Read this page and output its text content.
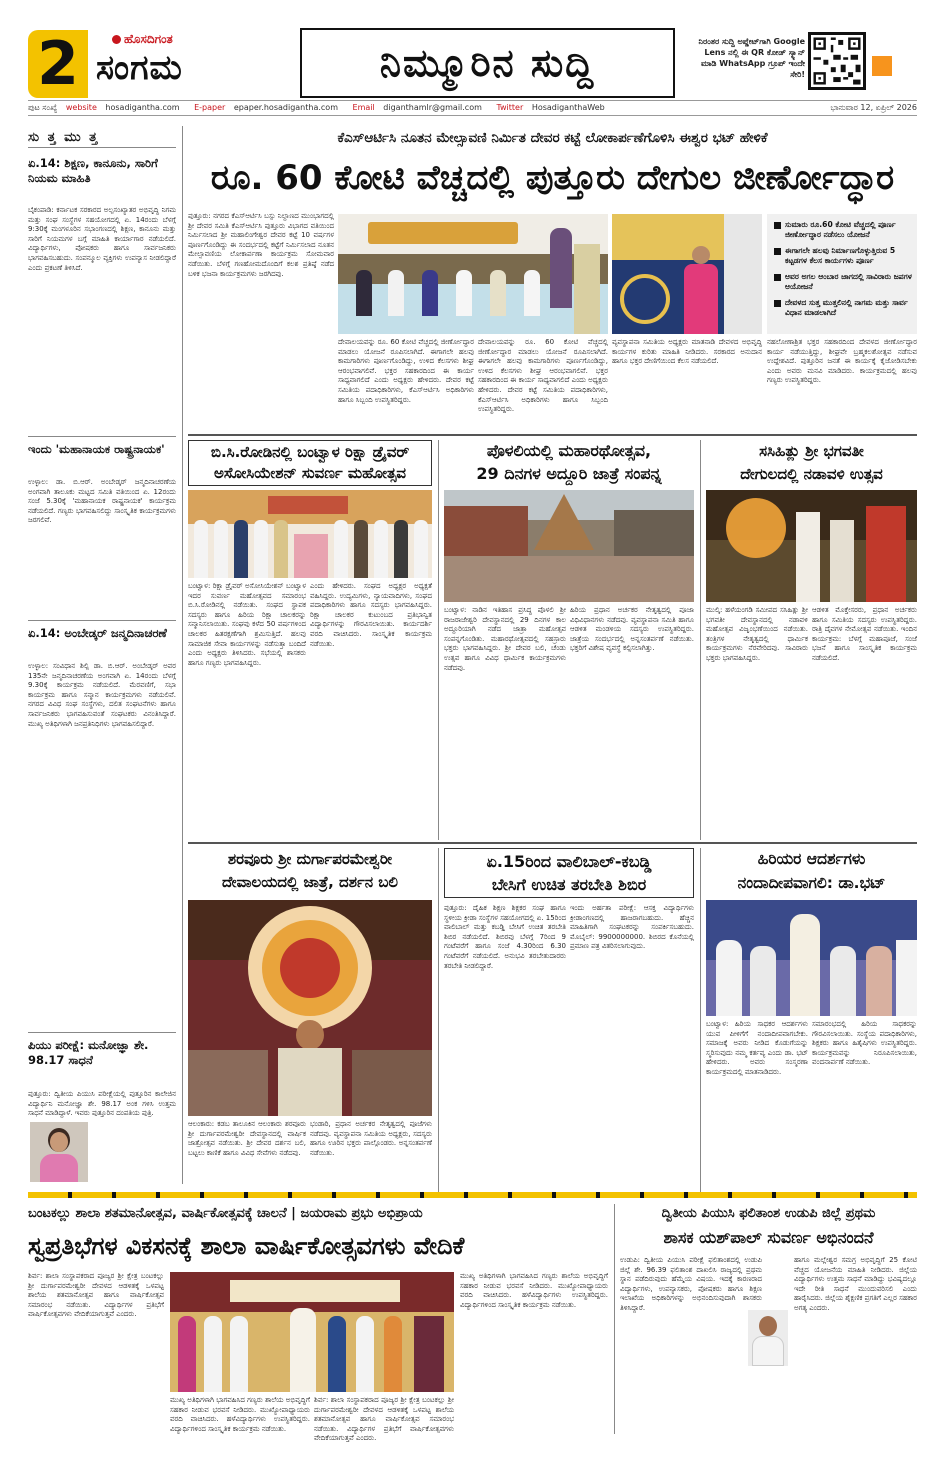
2	ಹೊಸದಿಗಂತ
ಸಂಗಮ	ನಿಮ್ಮೂರಿನ ಸುದ್ದಿ	ನಿರಂತರ ಸುದ್ದಿ ಅಪ್ಡೇಟ್‌ಗಾಗಿ Google Lens ನಲ್ಲಿ ಈ QR ಕೋಡ್ ಸ್ಕ್ಯಾನ್ ಮಾಡಿ WhatsApp ಗ್ರೂಪ್ ಇಂದೇ ಸೇರಿ!
ಪುಟ ಸಂಖ್ಯೆ website hosadigantha.com E-paper epaper.hosadigantha.com Email diganthamlr@gmail.com Twitter HosadiganthaWeb	ಭಾನುವಾರ 12, ಏಪ್ರಿಲ್ 2026
ಸು ತ್ತ ಮು ತ್ತ
ಏ.14: ಶಿಕ್ಷಣ, ಕಾನೂನು, ಸಾರಿಗೆ ನಿಯಮ ಮಾಹಿತಿ
ಬೈಕಂಪಾಡಿ: ಕರ್ನಾಟಕ ಸರಕಾರದ ಅಲ್ಪಸಂಖ್ಯಾತರ ಅಭಿವೃದ್ಧಿ ನಿಗಮ ಮತ್ತು ಸಂಘ ಸಂಸ್ಥೆಗಳ ಸಹಯೋಗದಲ್ಲಿ ಏ. 14ರಂದು ಬೆಳಗ್ಗೆ 9:30ಕ್ಕೆ ಮಂಗಳೂರಿನ ಸಭಾಂಗಣದಲ್ಲಿ ಶಿಕ್ಷಣ, ಕಾನೂನು ಮತ್ತು ಸಾರಿಗೆ ನಿಯಮಗಳ ಬಗ್ಗೆ ಮಾಹಿತಿ ಕಾರ್ಯಾಗಾರ ನಡೆಯಲಿದೆ. ವಿದ್ಯಾರ್ಥಿಗಳು, ಪೋಷಕರು ಹಾಗೂ ಸಾರ್ವಜನಿಕರು ಭಾಗವಹಿಸಬಹುದು. ಸಂಪನ್ಮೂಲ ವ್ಯಕ್ತಿಗಳು ಉಪನ್ಯಾಸ ನೀಡಲಿದ್ದಾರೆ ಎಂದು ಪ್ರಕಟಣೆ ತಿಳಿಸಿದೆ.
ಇಂದು 'ಮಹಾನಾಯಕ ರಾಷ್ಟ್ರನಾಯಕ'
ಉಳ್ಳಾಲ: ಡಾ. ಬಿ.ಆರ್. ಅಂಬೇಡ್ಕರ್ ಜನ್ಮದಿನಾಚರಣೆಯ ಅಂಗವಾಗಿ ತಾಲೂಕು ಮಟ್ಟದ ಸಮಿತಿ ವತಿಯಿಂದ ಏ. 12ರಂದು ಸಂಜೆ 5.30ಕ್ಕೆ 'ಮಹಾನಾಯಕ ರಾಷ್ಟ್ರನಾಯಕ' ಕಾರ್ಯಕ್ರಮ ನಡೆಯಲಿದೆ. ಗಣ್ಯರು ಭಾಗವಹಿಸಲಿದ್ದು ಸಾಂಸ್ಕೃತಿಕ ಕಾರ್ಯಕ್ರಮಗಳು ಜರಗಲಿವೆ.
ಏ.14: ಅಂಬೇಡ್ಕರ್ ಜನ್ಮದಿನಾಚರಣೆ
ಉಳ್ಳಾಲ: ಸಂವಿಧಾನ ಶಿಲ್ಪಿ ಡಾ. ಬಿ.ಆರ್. ಅಂಬೇಡ್ಕರ್ ಅವರ 135ನೇ ಜನ್ಮದಿನಾಚರಣೆಯ ಅಂಗವಾಗಿ ಏ. 14ರಂದು ಬೆಳಗ್ಗೆ 9.30ಕ್ಕೆ ಕಾರ್ಯಕ್ರಮ ನಡೆಯಲಿದೆ. ಮೆರವಣಿಗೆ, ಸಭಾ ಕಾರ್ಯಕ್ರಮ ಹಾಗೂ ಸನ್ಮಾನ ಕಾರ್ಯಕ್ರಮಗಳು ನಡೆಯಲಿವೆ. ನಗರದ ವಿವಿಧ ಸಂಘ ಸಂಸ್ಥೆಗಳು, ದಲಿತ ಸಂಘಟನೆಗಳು ಹಾಗೂ ಸಾರ್ವಜನಿಕರು ಭಾಗವಹಿಸುವಂತೆ ಸಂಘಟಕರು ವಿನಂತಿಸಿದ್ದಾರೆ. ಮುಖ್ಯ ಅತಿಥಿಗಳಾಗಿ ಜನಪ್ರತಿನಿಧಿಗಳು ಭಾಗವಹಿಸಲಿದ್ದಾರೆ.
ಪಿಯು ಪರೀಕ್ಷೆ: ಮನೋಜ್ಞಾ ಶೇ. 98.17 ಸಾಧನೆ
ಪುತ್ತೂರು: ದ್ವಿತೀಯ ಪಿಯುಸಿ ಪರೀಕ್ಷೆಯಲ್ಲಿ ಪುತ್ತೂರಿನ ಕಾಲೇಜಿನ ವಿದ್ಯಾರ್ಥಿನಿ ಮನೋಜ್ಞಾ ಶೇ. 98.17 ಅಂಕ ಗಳಿಸಿ ಉತ್ತಮ ಸಾಧನೆ ಮಾಡಿದ್ದಾಳೆ. ಇವರು ಪುತ್ತೂರಿನ ದಂಪತಿಯ ಪುತ್ರಿ.
ಕೆಎಸ್ಆರ್ಟಿಸಿ ನೂತನ ಮೇಲ್ಸಾವಣಿ ನಿರ್ಮಿತ ದೇವರ ಕಟ್ಟೆ ಲೋಕಾರ್ಪಣೆಗೊಳಿಸಿ ಈಶ್ವರ ಭಟ್ ಹೇಳಿಕೆ
ರೂ. 60 ಕೋಟಿ ವೆಚ್ಚದಲ್ಲಿ ಪುತ್ತೂರು ದೇಗುಲ ಜೀರ್ಣೋದ್ಧಾರ
ಪುತ್ತೂರು: ನಗರದ ಕೆಎಸ್ಆರ್ಟಿಸಿ ಬಸ್ಸು ನಿಲ್ದಾಣದ ಮುಂಭಾಗದಲ್ಲಿ ಶ್ರೀ ದೇವರ ಸಮಿತಿ ಕೆಎಸ್ಆರ್ಟಿಸಿ ಪುತ್ತೂರು ವಿಭಾಗದ ವತಿಯಿಂದ ನಿರ್ಮಿಸಲಾದ ಶ್ರೀ ಮಹಾಲಿಂಗೇಶ್ವರ ದೇವರ ಕಟ್ಟೆ 10 ವರ್ಷಗಳ ಪೂರ್ಣಗೊಂಡಿದ್ದು ಈ ಸಂದರ್ಭದಲ್ಲಿ ಕಟ್ಟೆಗೆ ನಿರ್ಮಿಸಲಾದ ನೂತನ ಮೇಲ್ಸಾವಣಿಯ ಲೋಕಾರ್ಪಣಾ ಕಾರ್ಯಕ್ರಮ ಸೋಮವಾರ ನಡೆಯಿತು. ಬೆಳಗ್ಗೆ ಗಣಹೋಮದೊಂದಿಗೆ ಕಲಶ ಪ್ರತಿಷ್ಠೆ ನಡೆದ ಬಳಿಕ ಭಜನಾ ಕಾರ್ಯಕ್ರಮಗಳು ಜರಗಿದವು.
ದೇವಾಲಯವನ್ನು ರೂ. 60 ಕೋಟಿ ವೆಚ್ಚದಲ್ಲಿ ಜೀರ್ಣೋದ್ಧಾರ ಮಾಡಲು ಯೋಜನೆ ರೂಪಿಸಲಾಗಿದೆ. ಈಗಾಗಲೇ ಹಲವು ಕಾಮಗಾರಿಗಳು ಪೂರ್ಣಗೊಂಡಿದ್ದು, ಉಳಿದ ಕೆಲಸಗಳು ಶೀಘ್ರ ಆರಂಭವಾಗಲಿವೆ. ಭಕ್ತರ ಸಹಕಾರದಿಂದ ಈ ಕಾರ್ಯ ಸಾಧ್ಯವಾಗಲಿದೆ ಎಂದು ಅಧ್ಯಕ್ಷರು ಹೇಳಿದರು. ದೇವರ ಕಟ್ಟೆ ಸಮಿತಿಯ ಪದಾಧಿಕಾರಿಗಳು, ಕೆಎಸ್ಆರ್ಟಿಸಿ ಅಧಿಕಾರಿಗಳು ಹಾಗೂ ಸಿಬ್ಬಂದಿ ಉಪಸ್ಥಿತರಿದ್ದರು.
ದೇವಾಲಯವನ್ನು ರೂ. 60 ಕೋಟಿ ವೆಚ್ಚದಲ್ಲಿ ಜೀರ್ಣೋದ್ಧಾರ ಮಾಡಲು ಯೋಜನೆ ರೂಪಿಸಲಾಗಿದೆ. ಈಗಾಗಲೇ ಹಲವು ಕಾಮಗಾರಿಗಳು ಪೂರ್ಣಗೊಂಡಿದ್ದು, ಉಳಿದ ಕೆಲಸಗಳು ಶೀಘ್ರ ಆರಂಭವಾಗಲಿವೆ. ಭಕ್ತರ ಸಹಕಾರದಿಂದ ಈ ಕಾರ್ಯ ಸಾಧ್ಯವಾಗಲಿದೆ ಎಂದು ಅಧ್ಯಕ್ಷರು ಹೇಳಿದರು. ದೇವರ ಕಟ್ಟೆ ಸಮಿತಿಯ ಪದಾಧಿಕಾರಿಗಳು, ಕೆಎಸ್ಆರ್ಟಿಸಿ ಅಧಿಕಾರಿಗಳು ಹಾಗೂ ಸಿಬ್ಬಂದಿ ಉಪಸ್ಥಿತರಿದ್ದರು.
ವ್ಯವಸ್ಥಾಪನಾ ಸಮಿತಿಯ ಅಧ್ಯಕ್ಷರು ಮಾತನಾಡಿ ದೇವಳದ ಅಭಿವೃದ್ಧಿ ಕಾರ್ಯಗಳ ಕುರಿತು ಮಾಹಿತಿ ನೀಡಿದರು. ಸರಕಾರದ ಅನುದಾನ ಹಾಗೂ ಭಕ್ತರ ದೇಣಿಗೆಯಿಂದ ಕೆಲಸ ನಡೆಯಲಿದೆ.
ಸುಮಾರು ರೂ.60 ಕೋಟಿ ವೆಚ್ಚದಲ್ಲಿ ಪೂರ್ಣ ಜೀರ್ಣೋದ್ಧಾರ ನಡೆಸಲು ಯೋಜನೆ
ಈಗಾಗಲೇ ಹಲವು ನಿರ್ಮಾಣಗೊಳ್ಳುತ್ತಿರುವ 5 ಕಟ್ಟಡಗಳ ಕೆಲಸ ಕಾರ್ಯಗಳು ಪೂರ್ಣ
ಆವರ ಅಗಲ ಆಂಬಾರ ಜಾಗದಲ್ಲಿ ಸಾವಿರಾರು ಜಪಗಳ ಆಯೋಜನೆ
ದೇವಳದ ಸುತ್ತ ಮುತ್ತಲಿನಲ್ಲಿ ನಾಗಮ ಮತ್ತು ಸಾರ್ವ ವಿಧಾನ ಮಾಡಲಾಗಿದೆ
ನಹಲೋಣಾಶ್ರಿತ ಭಕ್ತರ ಸಹಕಾರದಿಂದ ದೇವಳದ ಜೀರ್ಣೋದ್ಧಾರ ಕಾರ್ಯ ನಡೆಯುತ್ತಿದ್ದು, ಶೀಘ್ರವೇ ಬ್ರಹ್ಮಕಲಶೋತ್ಸವ ನಡೆಸುವ ಉದ್ದೇಶವಿದೆ. ಪುತ್ತೂರಿನ ಜನತೆ ಈ ಕಾರ್ಯಕ್ಕೆ ಕೈಜೋಡಿಸಬೇಕು ಎಂದು ಅವರು ಮನವಿ ಮಾಡಿದರು. ಕಾರ್ಯಕ್ರಮದಲ್ಲಿ ಹಲವು ಗಣ್ಯರು ಉಪಸ್ಥಿತರಿದ್ದರು.
ಬಿ.ಸಿ.ರೋಡಿನಲ್ಲಿ ಬಂಟ್ವಾಳ ರಿಕ್ಷಾ ಡ್ರೈವರ್
ಅಸೋಸಿಯೇಶನ್ ಸುವರ್ಣ ಮಹೋತ್ಸವ
ಬಂಟ್ವಾಳ: ರಿಕ್ಷಾ ಡ್ರೈವರ್ ಅಸೋಸಿಯೇಶನ್ ಬಂಟ್ವಾಳ ಇದರ ಸುವರ್ಣ ಮಹೋತ್ಸವದ ಸಮಾರಂಭ ಬಿ.ಸಿ.ರೋಡಿನಲ್ಲಿ ನಡೆಯಿತು. ಸಂಘದ ಸ್ಥಾಪಕ ಸದಸ್ಯರು ಹಾಗೂ ಹಿರಿಯ ರಿಕ್ಷಾ ಚಾಲಕರನ್ನು ಸನ್ಮಾನಿಸಲಾಯಿತು. ಸಂಘವು ಕಳೆದ 50 ವರ್ಷಗಳಿಂದ ಚಾಲಕರ ಹಿತರಕ್ಷಣೆಗಾಗಿ ಶ್ರಮಿಸುತ್ತಿದೆ. ಹಲವು ಸಾಮಾಜಿಕ ಸೇವಾ ಕಾರ್ಯಗಳನ್ನು ನಡೆಸುತ್ತಾ ಬಂದಿದೆ ಎಂದು ಅಧ್ಯಕ್ಷರು ತಿಳಿಸಿದರು. ಸಭೆಯಲ್ಲಿ ಶಾಸಕರು ಹಾಗೂ ಗಣ್ಯರು ಭಾಗವಹಿಸಿದ್ದರು.
ಎಂದು ಹೇಳಿದರು. ಸಂಘದ ಅಧ್ಯಕ್ಷರ ಅಧ್ಯಕ್ಷತೆ ವಹಿಸಿದ್ದರು. ಉದ್ಯಮಿಗಳು, ನ್ಯಾಯವಾದಿಗಳು, ಸಂಘದ ಪದಾಧಿಕಾರಿಗಳು ಹಾಗೂ ಸದಸ್ಯರು ಭಾಗವಹಿಸಿದ್ದರು. ರಿಕ್ಷಾ ಚಾಲಕರ ಕುಟುಂಬದ ಪ್ರತಿಭಾನ್ವಿತ ವಿದ್ಯಾರ್ಥಿಗಳನ್ನು ಗೌರವಿಸಲಾಯಿತು. ಕಾರ್ಯದರ್ಶಿ ವರದಿ ವಾಚಿಸಿದರು. ಸಾಂಸ್ಕೃತಿಕ ಕಾರ್ಯಕ್ರಮ ನಡೆಯಿತು.
ಪೊಳಲಿಯಲ್ಲಿ ಮಹಾರಥೋತ್ಸವ,
29 ದಿನಗಳ ಅದ್ದೂರಿ ಜಾತ್ರೆ ಸಂಪನ್ನ
ಬಂಟ್ವಾಳ: ನಾಡಿನ ಇತಿಹಾಸ ಪ್ರಸಿದ್ಧ ಪೊಳಲಿ ಶ್ರೀ ರಾಜರಾಜೇಶ್ವರಿ ದೇವಸ್ಥಾನದಲ್ಲಿ 29 ದಿನಗಳ ಕಾಲ ಅದ್ದೂರಿಯಾಗಿ ನಡೆದ ಜಾತ್ರಾ ಮಹೋತ್ಸವ ಸಂಪನ್ನಗೊಂಡಿತು. ಮಹಾರಥೋತ್ಸವದಲ್ಲಿ ಸಹಸ್ರಾರು ಭಕ್ತರು ಭಾಗವಹಿಸಿದ್ದರು. ಶ್ರೀ ದೇವರ ಬಲಿ, ಚೆಂಡು ಉತ್ಸವ ಹಾಗೂ ವಿವಿಧ ಧಾರ್ಮಿಕ ಕಾರ್ಯಕ್ರಮಗಳು ನಡೆದವು.
ಹಿರಿಯ ಪ್ರಧಾನ ಅರ್ಚಕರ ನೇತೃತ್ವದಲ್ಲಿ ಪೂಜಾ ವಿಧಿವಿಧಾನಗಳು ನಡೆದವು. ವ್ಯವಸ್ಥಾಪನಾ ಸಮಿತಿ ಹಾಗೂ ಆಡಳಿತ ಮಂಡಳಿಯ ಸದಸ್ಯರು ಉಪಸ್ಥಿತರಿದ್ದರು. ಜಾತ್ರೆಯ ಸಂದರ್ಭದಲ್ಲಿ ಅನ್ನಸಂತರ್ಪಣೆ ನಡೆಯಿತು. ಭಕ್ತರಿಗೆ ವಿಶೇಷ ವ್ಯವಸ್ಥೆ ಕಲ್ಪಿಸಲಾಗಿತ್ತು.
ಸಸಿಹಿತ್ಲು ಶ್ರೀ ಭಗವತೀ
ದೇಗುಲದಲ್ಲಿ ನಡಾವಳಿ ಉತ್ಸವ
ಮುಲ್ಕಿ: ಹಳೆಯಂಗಡಿ ಸಮೀಪದ ಸಸಿಹಿತ್ಲು ಶ್ರೀ ಭಗವತೀ ದೇವಸ್ಥಾನದಲ್ಲಿ ನಡಾವಳಿ ಮಹೋತ್ಸವ ವಿಜೃಂಭಣೆಯಿಂದ ನಡೆಯಿತು. ತಂತ್ರಿಗಳ ನೇತೃತ್ವದಲ್ಲಿ ಧಾರ್ಮಿಕ ಕಾರ್ಯಕ್ರಮಗಳು ನೆರವೇರಿದವು. ಸಾವಿರಾರು ಭಕ್ತರು ಭಾಗವಹಿಸಿದ್ದರು.
ಆಡಳಿತ ಮೊಕ್ತೇಸರರು, ಪ್ರಧಾನ ಅರ್ಚಕರು ಹಾಗೂ ಸಮಿತಿಯ ಸದಸ್ಯರು ಉಪಸ್ಥಿತರಿದ್ದರು. ರಾತ್ರಿ ದೈವಗಳ ನೇಮೋತ್ಸವ ನಡೆಯಿತು. ಇಂದಿನ ಕಾರ್ಯಕ್ರಮ: ಬೆಳಗ್ಗೆ ಮಹಾಪೂಜೆ, ಸಂಜೆ ಭಜನೆ ಹಾಗೂ ಸಾಂಸ್ಕೃತಿಕ ಕಾರ್ಯಕ್ರಮ ನಡೆಯಲಿದೆ.
ಶರವೂರು ಶ್ರೀ ದುರ್ಗಾಪರಮೇಶ್ವರೀ
ದೇವಾಲಯದಲ್ಲಿ ಜಾತ್ರೆ, ದರ್ಶನ ಬಲಿ
ಆಲಂಕಾರು: ಕಡಬ ತಾಲೂಕಿನ ಆಲಂಕಾರು ಶರವೂರು ಶ್ರೀ ದುರ್ಗಾಪರಮೇಶ್ವರೀ ದೇವಸ್ಥಾನದಲ್ಲಿ ವಾರ್ಷಿಕ ಜಾತ್ರೋತ್ಸವ ನಡೆಯಿತು. ಶ್ರೀ ದೇವರ ದರ್ಶನ ಬಲಿ, ಬಟ್ಟಲು ಕಾಣಿಕೆ ಹಾಗೂ ವಿವಿಧ ಸೇವೆಗಳು ನಡೆದವು.
ಭಂಡಾರಿ, ಪ್ರಧಾನ ಅರ್ಚಕರ ನೇತೃತ್ವದಲ್ಲಿ ಪೂಜೆಗಳು ನಡೆದವು. ವ್ಯವಸ್ಥಾಪನಾ ಸಮಿತಿಯ ಅಧ್ಯಕ್ಷರು, ಸದಸ್ಯರು ಹಾಗೂ ಊರಿನ ಭಕ್ತರು ಪಾಲ್ಗೊಂಡರು. ಅನ್ನಸಂತರ್ಪಣೆ ನಡೆಯಿತು.
ಏ.15ರಿಂದ ವಾಲಿಬಾಲ್-ಕಬಡ್ಡಿ
ಬೇಸಿಗೆ ಉಚಿತ ತರಬೇತಿ ಶಿಬಿರ
ಪುತ್ತೂರು: ದೈಹಿಕ ಶಿಕ್ಷಣ ಶಿಕ್ಷಕರ ಸಂಘ ಹಾಗೂ ಸ್ಥಳೀಯ ಕ್ರೀಡಾ ಸಂಸ್ಥೆಗಳ ಸಹಯೋಗದಲ್ಲಿ ಏ. 15ರಿಂದ ವಾಲಿಬಾಲ್ ಮತ್ತು ಕಬಡ್ಡಿ ಬೇಸಿಗೆ ಉಚಿತ ತರಬೇತಿ ಶಿಬಿರ ನಡೆಯಲಿದೆ. ಶಿಬಿರವು ಬೆಳಗ್ಗೆ 7ರಿಂದ 9 ಗಂಟೆವರೆಗೆ ಹಾಗೂ ಸಂಜೆ 4.30ರಿಂದ 6.30 ಗಂಟೆವರೆಗೆ ನಡೆಯಲಿದೆ. ಅನುಭವಿ ತರಬೇತುದಾರರು ತರಬೇತಿ ನೀಡಲಿದ್ದಾರೆ.
ಇಂದು ಅರ್ಹತಾ ಪರೀಕ್ಷೆ: ಆಸಕ್ತ ವಿದ್ಯಾರ್ಥಿಗಳು ಕ್ರೀಡಾಂಗಣದಲ್ಲಿ ಹಾಜರಾಗಬಹುದು. ಹೆಚ್ಚಿನ ಮಾಹಿತಿಗಾಗಿ ಸಂಘಟಕರನ್ನು ಸಂಪರ್ಕಿಸಬಹುದು. ಮೊಬೈಲ್: 9900000000. ಶಿಬಿರದ ಕೊನೆಯಲ್ಲಿ ಪ್ರಮಾಣ ಪತ್ರ ವಿತರಿಸಲಾಗುವುದು.
ಹಿರಿಯರ ಆದರ್ಶಗಳು
ನಂದಾದೀಪವಾಗಲಿ: ಡಾ.ಭಟ್
ಬಂಟ್ವಾಳ: ಹಿರಿಯ ಸಾಧಕರ ಆದರ್ಶಗಳು ಯುವ ಪೀಳಿಗೆಗೆ ನಂದಾದೀಪವಾಗಬೇಕು. ಸಮಾಜಕ್ಕೆ ಅವರು ನೀಡಿದ ಕೊಡುಗೆಯನ್ನು ಸ್ಮರಿಸುವುದು ನಮ್ಮ ಕರ್ತವ್ಯ ಎಂದು ಡಾ. ಭಟ್ ಹೇಳಿದರು. ಅವರು ಸಂಸ್ಮರಣಾ ಕಾರ್ಯಕ್ರಮದಲ್ಲಿ ಮಾತನಾಡಿದರು.
ಸಮಾರಂಭದಲ್ಲಿ ಹಿರಿಯ ಸಾಧಕರನ್ನು ಗೌರವಿಸಲಾಯಿತು. ಸಂಸ್ಥೆಯ ಪದಾಧಿಕಾರಿಗಳು, ಶಿಕ್ಷಕರು ಹಾಗೂ ಹಿತೈಷಿಗಳು ಉಪಸ್ಥಿತರಿದ್ದರು. ಕಾರ್ಯಕ್ರಮವನ್ನು ನಿರೂಪಿಸಲಾಯಿತು, ವಂದನಾರ್ಪಣೆ ನಡೆಯಿತು.
ಬಂಟಕಲ್ಲು ಶಾಲಾ ಶತಮಾನೋತ್ಸವ, ವಾರ್ಷಿಕೋತ್ಸವಕ್ಕೆ ಚಾಲನೆ | ಜಯರಾಮ ಪ್ರಭು ಅಭಿಪ್ರಾಯ
ಸ್ವಪ್ರತಿಭೆಗಳ ವಿಕಸನಕ್ಕೆ ಶಾಲಾ ವಾರ್ಷಿಕೋತ್ಸವಗಳು ವೇದಿಕೆ
ಶಿರ್ವ: ಶಾಲಾ ಸಂಸ್ಥಾಪಕರಾದ ಪೂಜ್ಯರ ಶ್ರೀ ಕ್ಷೇತ್ರ ಬಂಟಕಲ್ಲು ಶ್ರೀ ದುರ್ಗಾಪರಮೇಶ್ವರೀ ದೇವಳದ ಆಡಳಿತಕ್ಕೆ ಒಳಪಟ್ಟ ಶಾಲೆಯ ಶತಮಾನೋತ್ಸವ ಹಾಗೂ ವಾರ್ಷಿಕೋತ್ಸವ ಸಮಾರಂಭ ನಡೆಯಿತು. ವಿದ್ಯಾರ್ಥಿಗಳ ಪ್ರತಿಭೆಗೆ ವಾರ್ಷಿಕೋತ್ಸವಗಳು ವೇದಿಕೆಯಾಗುತ್ತವೆ ಎಂದರು.
ಮುಖ್ಯ ಅತಿಥಿಗಳಾಗಿ ಭಾಗವಹಿಸಿದ ಗಣ್ಯರು ಶಾಲೆಯ ಅಭಿವೃದ್ಧಿಗೆ ಸಹಕಾರ ನೀಡುವ ಭರವಸೆ ನೀಡಿದರು. ಮುಖ್ಯೋಪಾಧ್ಯಾಯರು ವರದಿ ವಾಚಿಸಿದರು. ಹಳೆವಿದ್ಯಾರ್ಥಿಗಳು ಉಪಸ್ಥಿತರಿದ್ದರು. ವಿದ್ಯಾರ್ಥಿಗಳಿಂದ ಸಾಂಸ್ಕೃತಿಕ ಕಾರ್ಯಕ್ರಮ ನಡೆಯಿತು.
ಶಿರ್ವ: ಶಾಲಾ ಸಂಸ್ಥಾಪಕರಾದ ಪೂಜ್ಯರ ಶ್ರೀ ಕ್ಷೇತ್ರ ಬಂಟಕಲ್ಲು ಶ್ರೀ ದುರ್ಗಾಪರಮೇಶ್ವರೀ ದೇವಳದ ಆಡಳಿತಕ್ಕೆ ಒಳಪಟ್ಟ ಶಾಲೆಯ ಶತಮಾನೋತ್ಸವ ಹಾಗೂ ವಾರ್ಷಿಕೋತ್ಸವ ಸಮಾರಂಭ ನಡೆಯಿತು. ವಿದ್ಯಾರ್ಥಿಗಳ ಪ್ರತಿಭೆಗೆ ವಾರ್ಷಿಕೋತ್ಸವಗಳು ವೇದಿಕೆಯಾಗುತ್ತವೆ ಎಂದರು.
ಮುಖ್ಯ ಅತಿಥಿಗಳಾಗಿ ಭಾಗವಹಿಸಿದ ಗಣ್ಯರು ಶಾಲೆಯ ಅಭಿವೃದ್ಧಿಗೆ ಸಹಕಾರ ನೀಡುವ ಭರವಸೆ ನೀಡಿದರು. ಮುಖ್ಯೋಪಾಧ್ಯಾಯರು ವರದಿ ವಾಚಿಸಿದರು. ಹಳೆವಿದ್ಯಾರ್ಥಿಗಳು ಉಪಸ್ಥಿತರಿದ್ದರು. ವಿದ್ಯಾರ್ಥಿಗಳಿಂದ ಸಾಂಸ್ಕೃತಿಕ ಕಾರ್ಯಕ್ರಮ ನಡೆಯಿತು.
ದ್ವಿತೀಯ ಪಿಯುಸಿ ಫಲಿತಾಂಶ ಉಡುಪಿ ಜಿಲ್ಲೆ ಪ್ರಥಮ
ಶಾಸಕ ಯಶ್‌ಪಾಲ್ ಸುವರ್ಣ ಅಭಿನಂದನೆ
ಉಡುಪಿ: ದ್ವಿತೀಯ ಪಿಯುಸಿ ಪರೀಕ್ಷೆ ಫಲಿತಾಂಶದಲ್ಲಿ ಉಡುಪಿ ಜಿಲ್ಲೆ ಶೇ. 96.39 ಫಲಿತಾಂಶ ದಾಖಲಿಸಿ ರಾಜ್ಯದಲ್ಲಿ ಪ್ರಥಮ ಸ್ಥಾನ ಪಡೆದಿರುವುದು ಹೆಮ್ಮೆಯ ವಿಷಯ. ಇದಕ್ಕೆ ಕಾರಣರಾದ ವಿದ್ಯಾರ್ಥಿಗಳು, ಉಪನ್ಯಾಸಕರು, ಪೋಷಕರು ಹಾಗೂ ಶಿಕ್ಷಣ ಇಲಾಖೆಯ ಅಧಿಕಾರಿಗಳನ್ನು ಅಭಿನಂದಿಸುವುದಾಗಿ ಶಾಸಕರು ತಿಳಿಸಿದ್ದಾರೆ.
ಹಾಗೂ ಮಲ್ಲೇಶ್ವರ ಸಮಗ್ರ ಅಭಿವೃದ್ಧಿಗೆ 25 ಕೋಟಿ ವೆಚ್ಚದ ಯೋಜನೆಯ ಮಾಹಿತಿ ನೀಡಿದರು. ಜಿಲ್ಲೆಯ ವಿದ್ಯಾರ್ಥಿಗಳು ಉತ್ತಮ ಸಾಧನೆ ಮಾಡಿದ್ದು ಭವಿಷ್ಯದಲ್ಲೂ ಇದೇ ರೀತಿ ಸಾಧನೆ ಮುಂದುವರಿಸಲಿ ಎಂದು ಹಾರೈಸಿದರು. ಜಿಲ್ಲೆಯ ಶೈಕ್ಷಣಿಕ ಪ್ರಗತಿಗೆ ಎಲ್ಲರ ಸಹಕಾರ ಅಗತ್ಯ ಎಂದರು.
